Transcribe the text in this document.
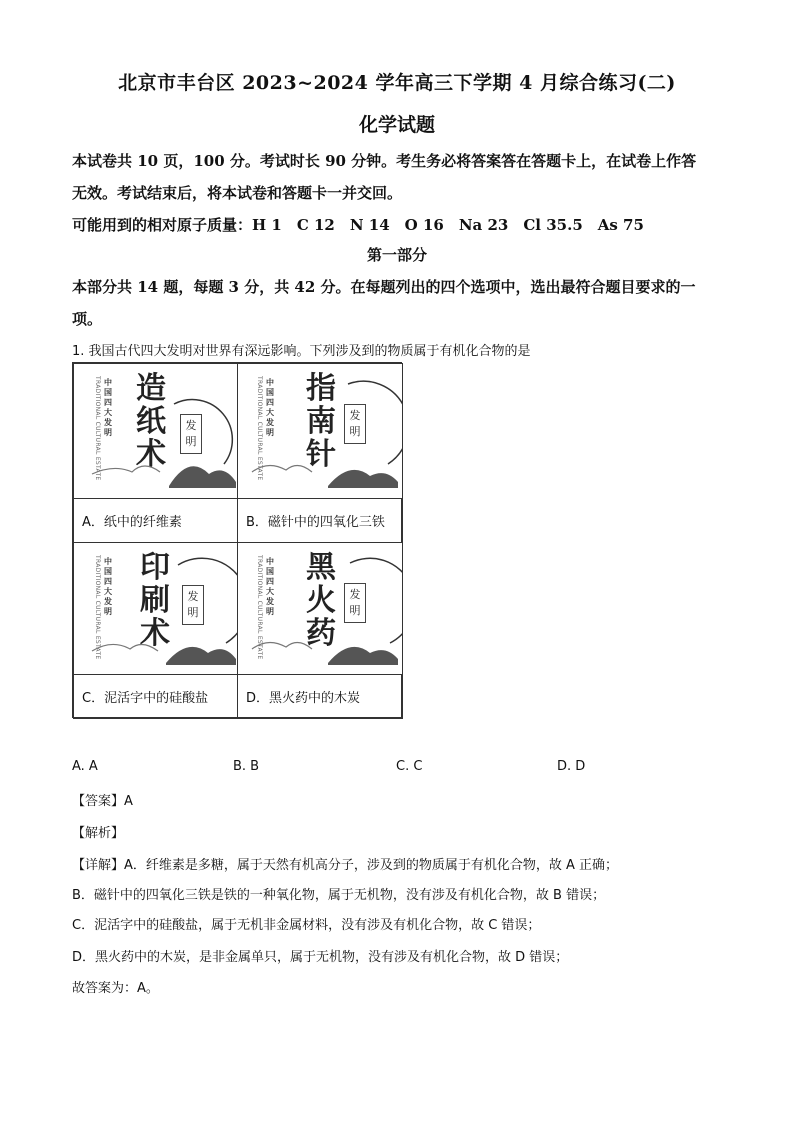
北京市丰台区 2023~2024 学年高三下学期 4 月综合练习(二)
化学试题
本试卷共 10 页，100 分。考试时长 90 分钟。考生务必将答案答在答题卡上，在试卷上作答
无效。考试结束后，将本试卷和答题卡一并交回。
可能用到的相对原子质量：H 1　C 12　N 14　O 16　Na 23　Cl 35.5　As 75
第一部分
本部分共 14 题，每题 3 分，共 42 分。在每题列出的四个选项中，选出最符合题目要求的一
项。
1. 我国古代四大发明对世界有深远影响。下列涉及到的物质属于有机化合物的是
TRADITIONAL CULTURAL ESTATE 中国四大发明
造
纸
术
发
明	TRADITIONAL CULTURAL ESTATE 中国四大发明
指
南
针
发
明
A．纸中的纤维素	B．磁针中的四氧化三铁
TRADITIONAL CULTURAL ESTATE 中国四大发明
印
刷
术
发
明	TRADITIONAL CULTURAL ESTATE 中国四大发明
黑
火
药
发
明
C．泥活字中的硅酸盐	D．黑火药中的木炭
A. A	B. B	C. C	D. D
【答案】A
【解析】
【详解】A．纤维素是多糖，属于天然有机高分子，涉及到的物质属于有机化合物，故 A 正确；
B．磁针中的四氧化三铁是铁的一种氧化物，属于无机物，没有涉及有机化合物，故 B 错误；
C．泥活字中的硅酸盐，属于无机非金属材料，没有涉及有机化合物，故 C 错误；
D．黑火药中的木炭，是非金属单只，属于无机物，没有涉及有机化合物，故 D 错误；
故答案为：A。
